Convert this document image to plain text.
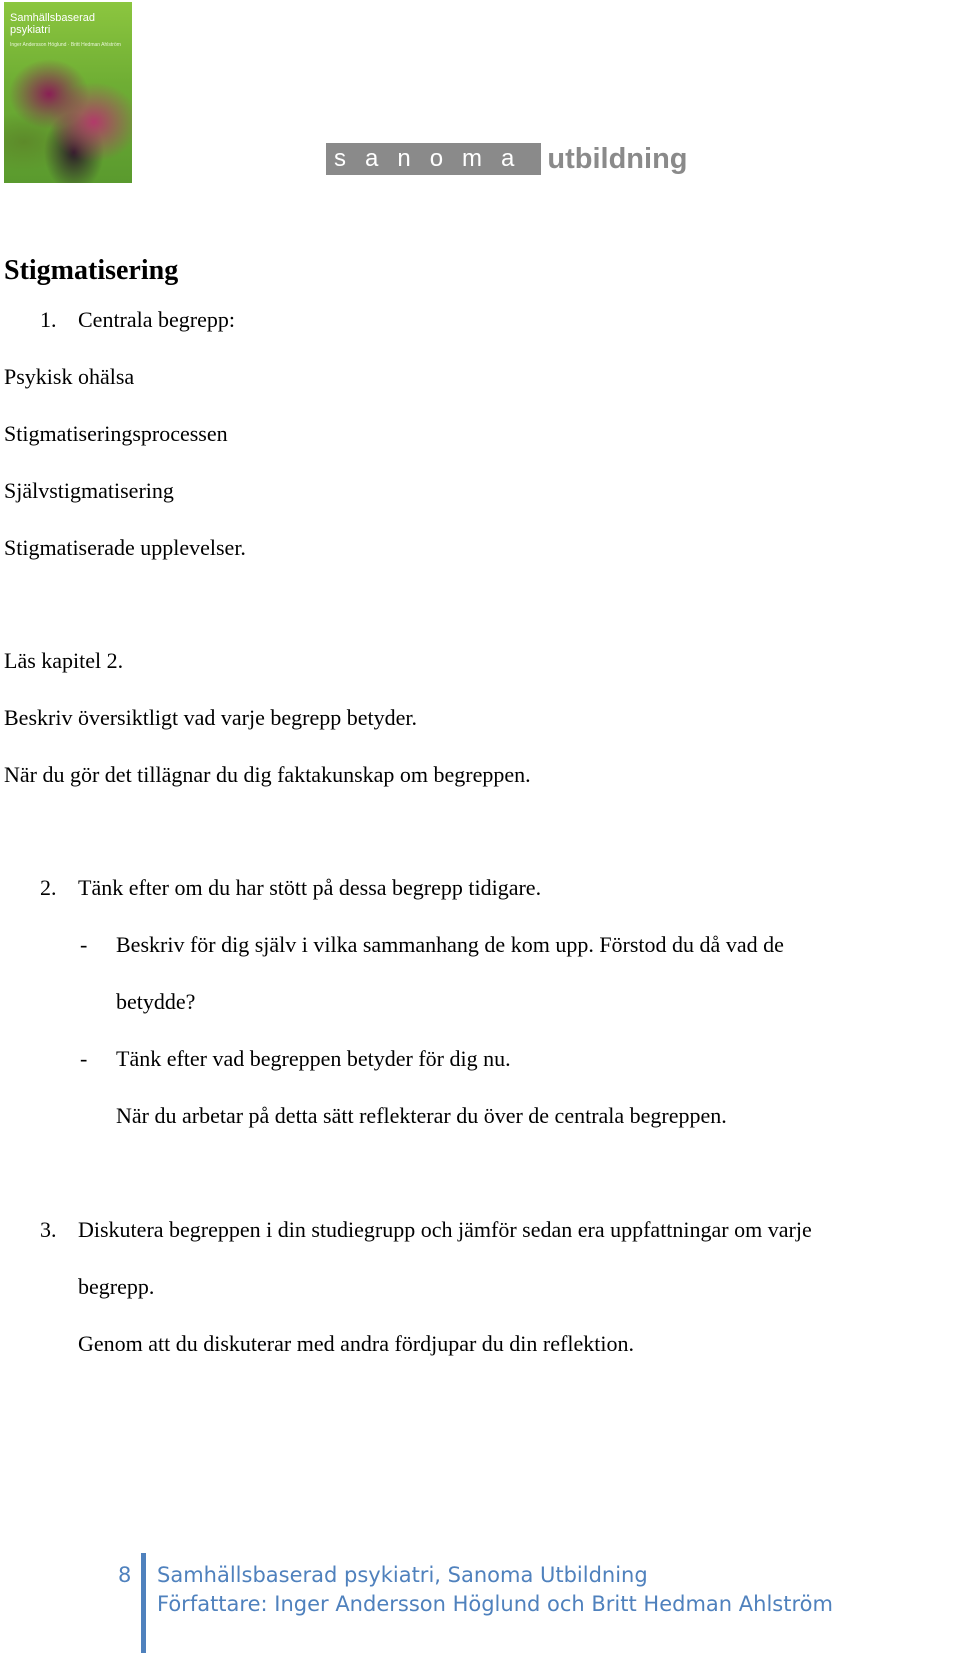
Samhällsbaserad psykiatri
Inger Andersson Höglund · Britt Hedman Ahlström
sanoma utbildning
Stigmatisering
1. Centrala begrepp:
Psykisk ohälsa
Stigmatiseringsprocessen
Självstigmatisering
Stigmatiserade upplevelser.
Läs kapitel 2.
Beskriv översiktligt vad varje begrepp betyder.
När du gör det tillägnar du dig faktakunskap om begreppen.
2. Tänk efter om du har stött på dessa begrepp tidigare.
- Beskriv för dig själv i vilka sammanhang de kom upp. Förstod du då vad de
betydde?
- Tänk efter vad begreppen betyder för dig nu.
När du arbetar på detta sätt reflekterar du över de centrala begreppen.
3. Diskutera begreppen i din studiegrupp och jämför sedan era uppfattningar om varje
begrepp.
Genom att du diskuterar med andra fördjupar du din reflektion.
8 Samhällsbaserad psykiatri, Sanoma Utbildning
Författare: Inger Andersson Höglund och Britt Hedman Ahlström
